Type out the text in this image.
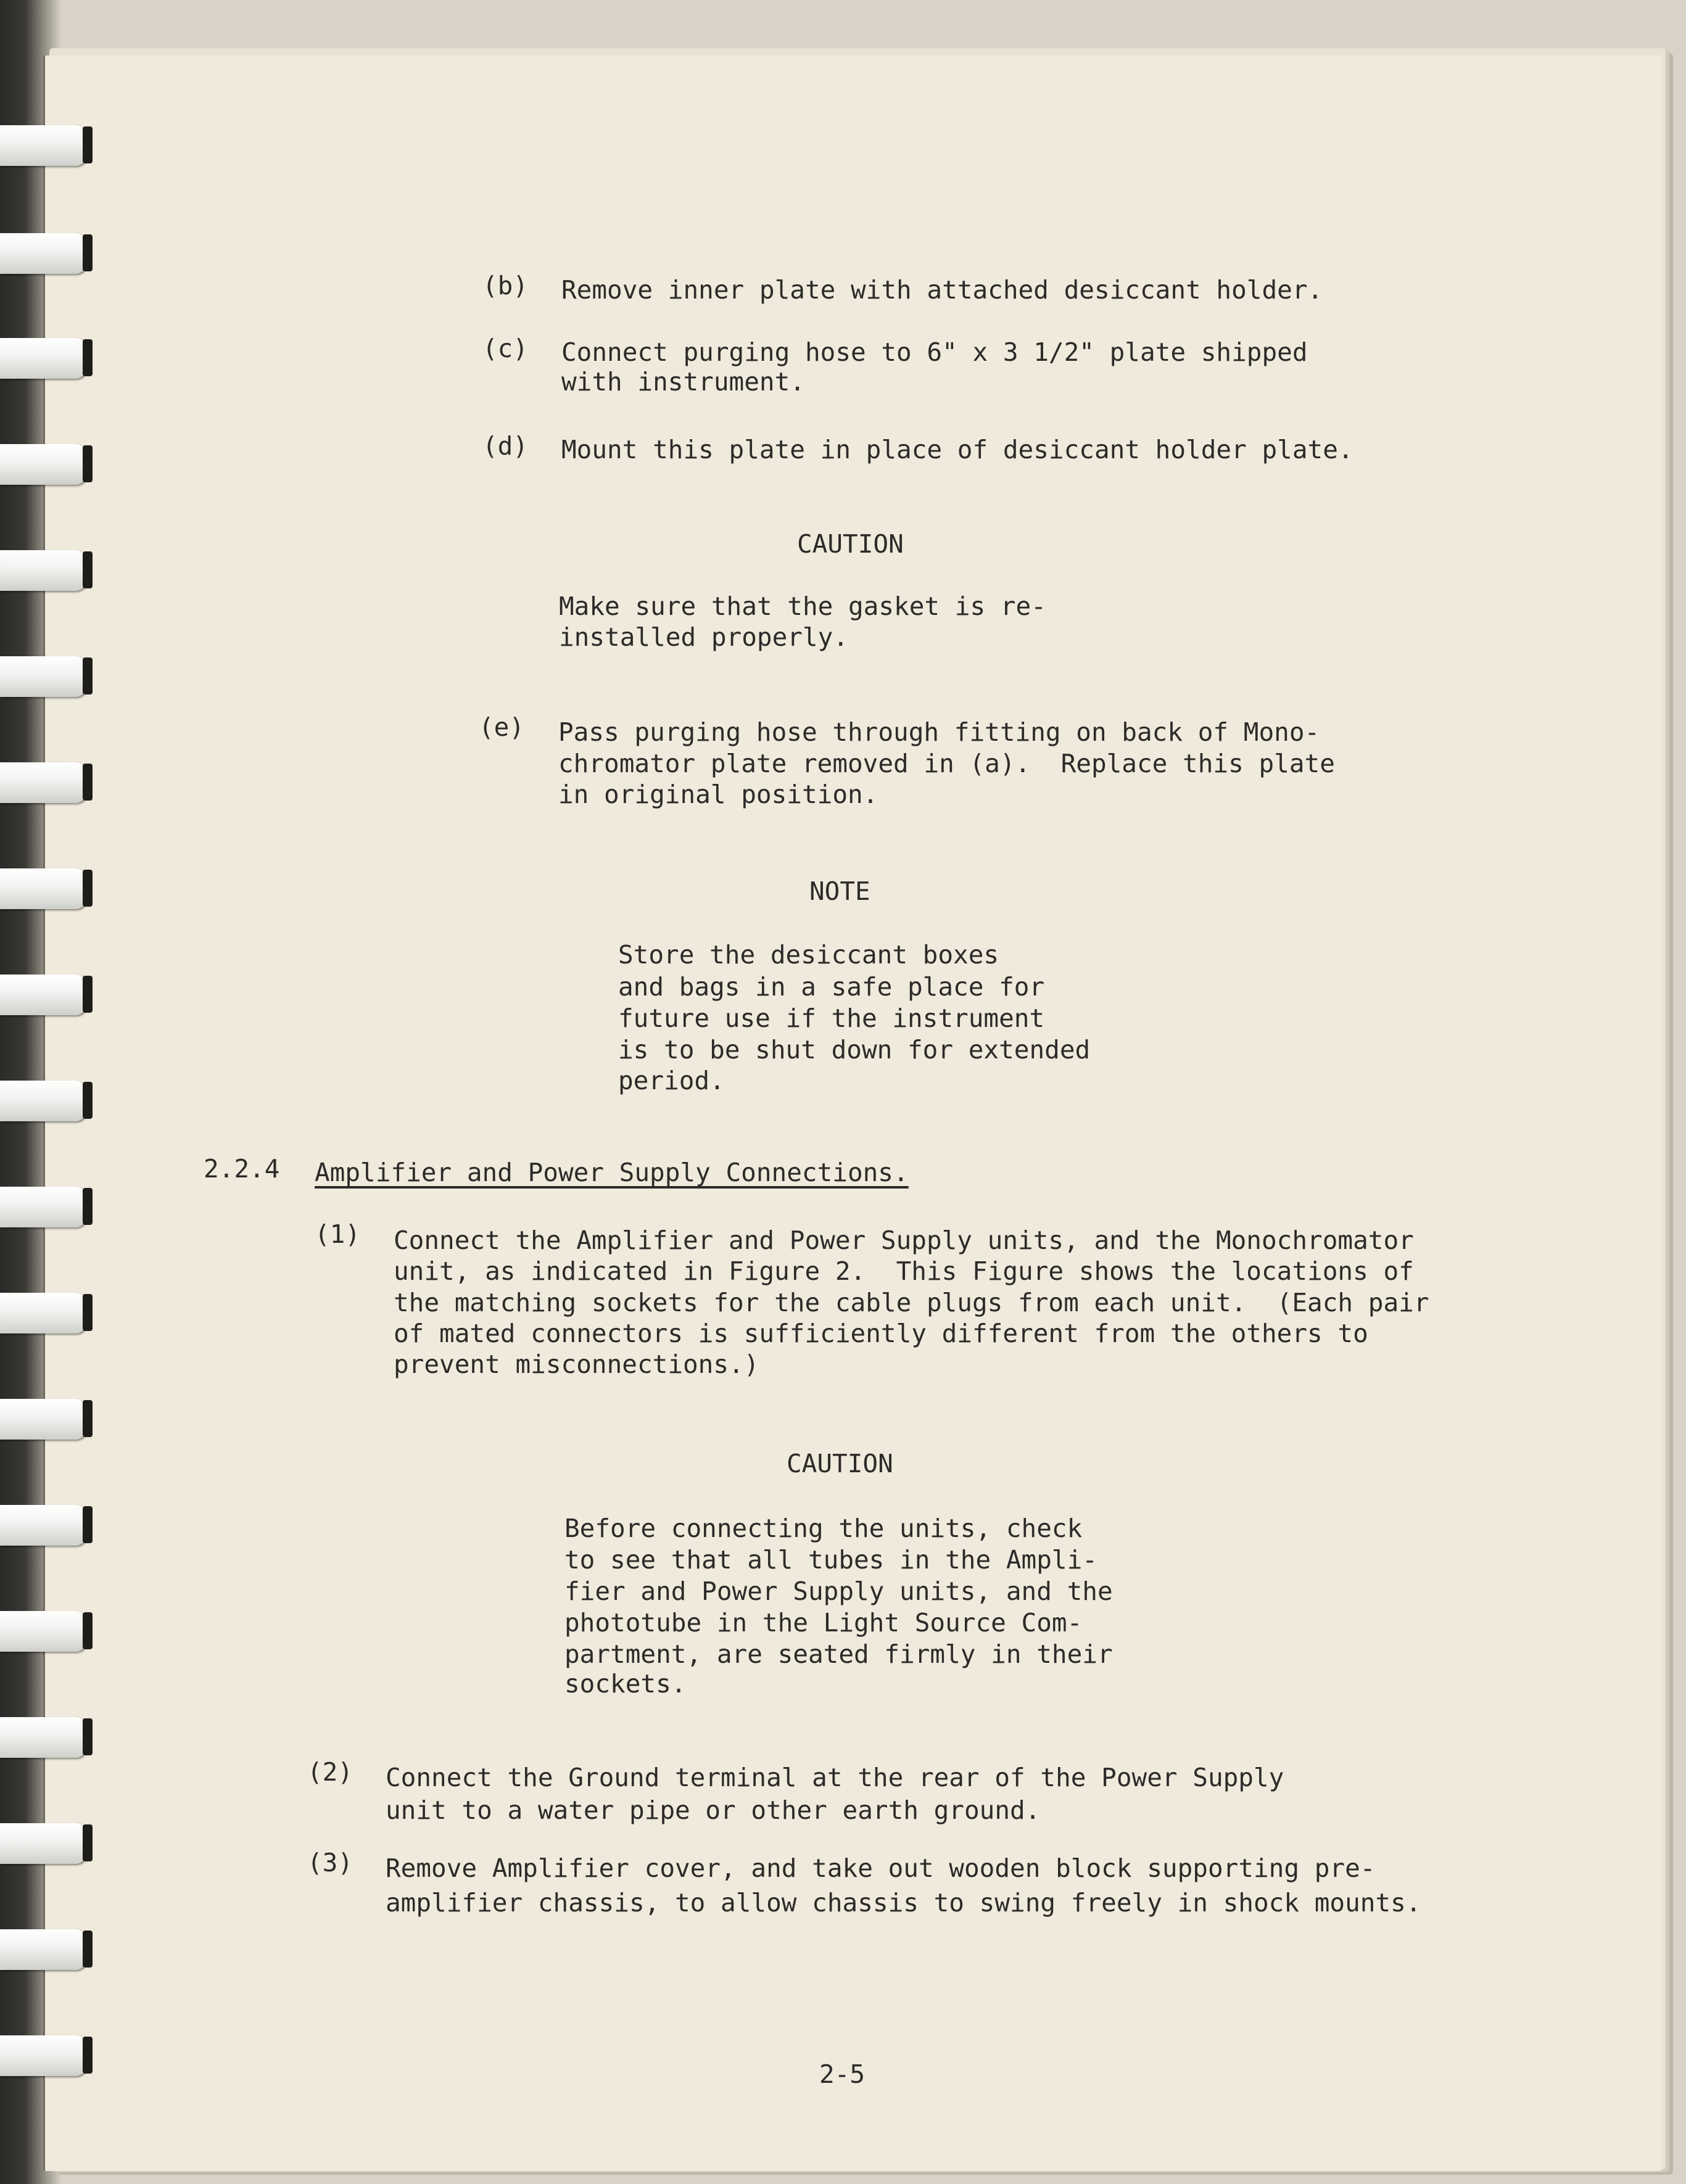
(b) Remove inner plate with attached desiccant holder.
(c) Connect purging hose to 6" x 3 1/2" plate shipped
with instrument.
(d) Mount this plate in place of desiccant holder plate.
CAUTION
Make sure that the gasket is re-
installed properly.
(e) Pass purging hose through fitting on back of Mono-
chromator plate removed in (a).  Replace this plate
in original position.
NOTE
Store the desiccant boxes
and bags in a safe place for
future use if the instrument
is to be shut down for extended
period.
2.2.4 Amplifier and Power Supply Connections.
(1) Connect the Amplifier and Power Supply units, and the Monochromator
unit, as indicated in Figure 2.  This Figure shows the locations of
the matching sockets for the cable plugs from each unit.  (Each pair
of mated connectors is sufficiently different from the others to
prevent misconnections.)
CAUTION
Before connecting the units, check
to see that all tubes in the Ampli-
fier and Power Supply units, and the
phototube in the Light Source Com-
partment, are seated firmly in their
sockets.
(2) Connect the Ground terminal at the rear of the Power Supply
unit to a water pipe or other earth ground.
(3) Remove Amplifier cover, and take out wooden block supporting pre-
amplifier chassis, to allow chassis to swing freely in shock mounts.
2-5
